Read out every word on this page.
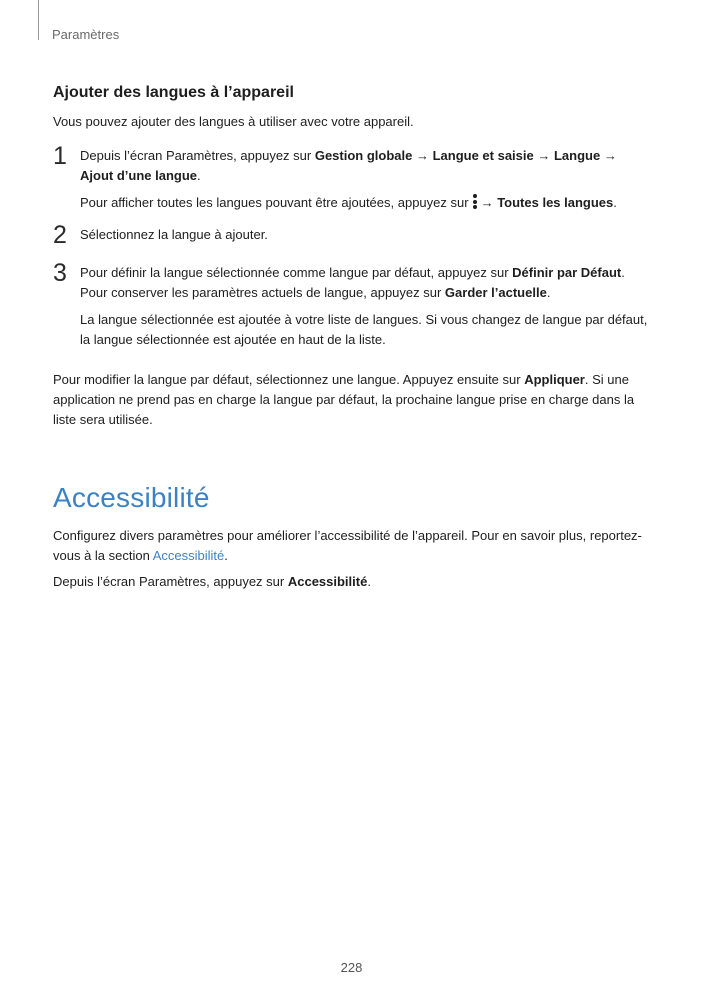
Paramètres
Ajouter des langues à l’appareil

Vous pouvez ajouter des langues à utiliser avec votre appareil.

1 Depuis l’écran Paramètres, appuyez sur Gestion globale → Langue et saisie → Langue →
Ajout d’une langue.

Pour afficher toutes les langues pouvant être ajoutées, appuyez sur → Toutes les langues.

2 Sélectionnez la langue à ajouter.

3 Pour définir la langue sélectionnée comme langue par défaut, appuyez sur Définir par Défaut.
Pour conserver les paramètres actuels de langue, appuyez sur Garder l’actuelle.

La langue sélectionnée est ajoutée à votre liste de langues. Si vous changez de langue par défaut, la langue sélectionnée est ajoutée en haut de la liste.

Pour modifier la langue par défaut, sélectionnez une langue. Appuyez ensuite sur Appliquer. Si une application ne prend pas en charge la langue par défaut, la prochaine langue prise en charge dans la liste sera utilisée.

Accessibilité

Configurez divers paramètres pour améliorer l’accessibilité de l’appareil. Pour en savoir plus, reportez-vous à la section Accessibilité.

Depuis l’écran Paramètres, appuyez sur Accessibilité.

228
